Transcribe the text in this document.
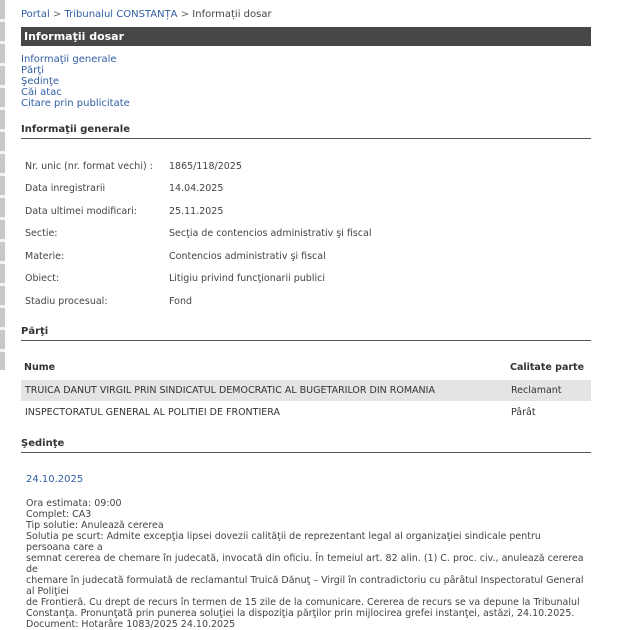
Portal > Tribunalul CONSTANȚA > Informații dosar
Informaţii dosar
Informaţii generale
Părţi
Şedinţe
Căi atac
Citare prin publicitate
Informaţii generale
Nr. unic (nr. format vechi) : 1865/118/2025
Data inregistrarii	14.04.2025
Data ultimei modificari:	25.11.2025
Sectie:	Secţia de contencios administrativ şi fiscal
Materie:	Contencios administrativ şi fiscal
Obiect:	Litigiu privind funcţionarii publici
Stadiu procesual:	Fond
Părţi
Nume	Calitate parte
TRUICA DANUT VIRGIL PRIN SINDICATUL DEMOCRATIC AL BUGETARILOR DIN ROMANIA	Reclamant
INSPECTORATUL GENERAL AL POLITIEI DE FRONTIERA	Pârât
Şedinţe
24.10.2025
Ora estimata: 09:00
Complet: CA3
Tip solutie: Anulează cererea
Solutia pe scurt: Admite excepţia lipsei dovezii calităţii de reprezentant legal al organizaţiei sindicale pentru persoana care a
semnat cererea de chemare în judecată, invocată din oficiu. În temeiul art. 82 alin. (1) C. proc. civ., anulează cererea de
chemare în judecată formulată de reclamantul Truică Dănuţ – Virgil în contradictoriu cu pârâtul Inspectoratul General al Poliţiei
de Frontieră. Cu drept de recurs în termen de 15 zile de la comunicare. Cererea de recurs se va depune la Tribunalul
Constanţa. Pronunţată prin punerea soluţiei la dispoziţia părţilor prin mijlocirea grefei instanţei, astăzi, 24.10.2025.
Document: Hotarâre 1083/2025 24.10.2025
